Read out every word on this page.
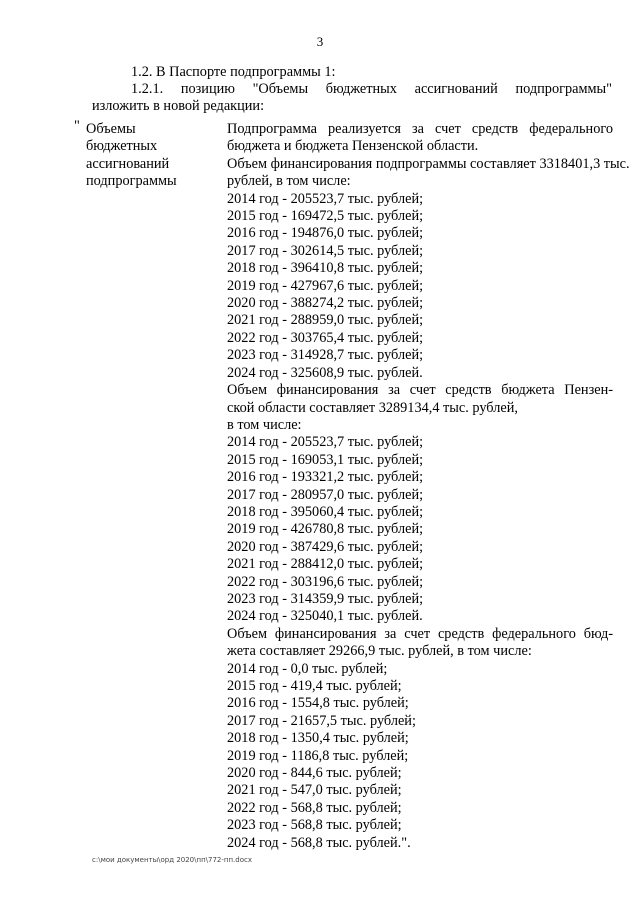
3
1.2. В Паспорте подпрограммы 1:
1.2.1. позицию "Объемы бюджетных ассигнований подпрограммы"
изложить в новой редакции:
" Объемы
бюджетных
ассигнований
подпрограммы
Подпрограмма реализуется за счет средств федерального бюджета и бюджета Пензенской области.
Объем финансирования подпрограммы составляет 3318401,3 тыс.
рублей, в том числе:
2014 год - 205523,7 тыс. рублей;
2015 год - 169472,5 тыс. рублей;
2016 год - 194876,0 тыс. рублей;
2017 год - 302614,5 тыс. рублей;
2018 год - 396410,8 тыс. рублей;
2019 год - 427967,6 тыс. рублей;
2020 год - 388274,2 тыс. рублей;
2021 год - 288959,0 тыс. рублей;
2022 год - 303765,4 тыс. рублей;
2023 год - 314928,7 тыс. рублей;
2024 год - 325608,9 тыс. рублей.
Объем финансирования за счет средств бюджета Пензен-
ской области составляет 3289134,4 тыс. рублей,
в том числе:
2014 год - 205523,7 тыс. рублей;
2015 год - 169053,1 тыс. рублей;
2016 год - 193321,2 тыс. рублей;
2017 год - 280957,0 тыс. рублей;
2018 год - 395060,4 тыс. рублей;
2019 год - 426780,8 тыс. рублей;
2020 год - 387429,6 тыс. рублей;
2021 год - 288412,0 тыс. рублей;
2022 год - 303196,6 тыс. рублей;
2023 год - 314359,9 тыс. рублей;
2024 год - 325040,1 тыс. рублей.
Объем финансирования за счет средств федерального бюд-
жета составляет 29266,9 тыс. рублей, в том числе:
2014 год - 0,0 тыс. рублей;
2015 год - 419,4 тыс. рублей;
2016 год - 1554,8 тыс. рублей;
2017 год - 21657,5 тыс. рублей;
2018 год - 1350,4 тыс. рублей;
2019 год - 1186,8 тыс. рублей;
2020 год - 844,6 тыс. рублей;
2021 год - 547,0 тыс. рублей;
2022 год - 568,8 тыс. рублей;
2023 год - 568,8 тыс. рублей;
2024 год - 568,8 тыс. рублей.".
c:\мои документы\орд 2020\пп\772-пп.docx
